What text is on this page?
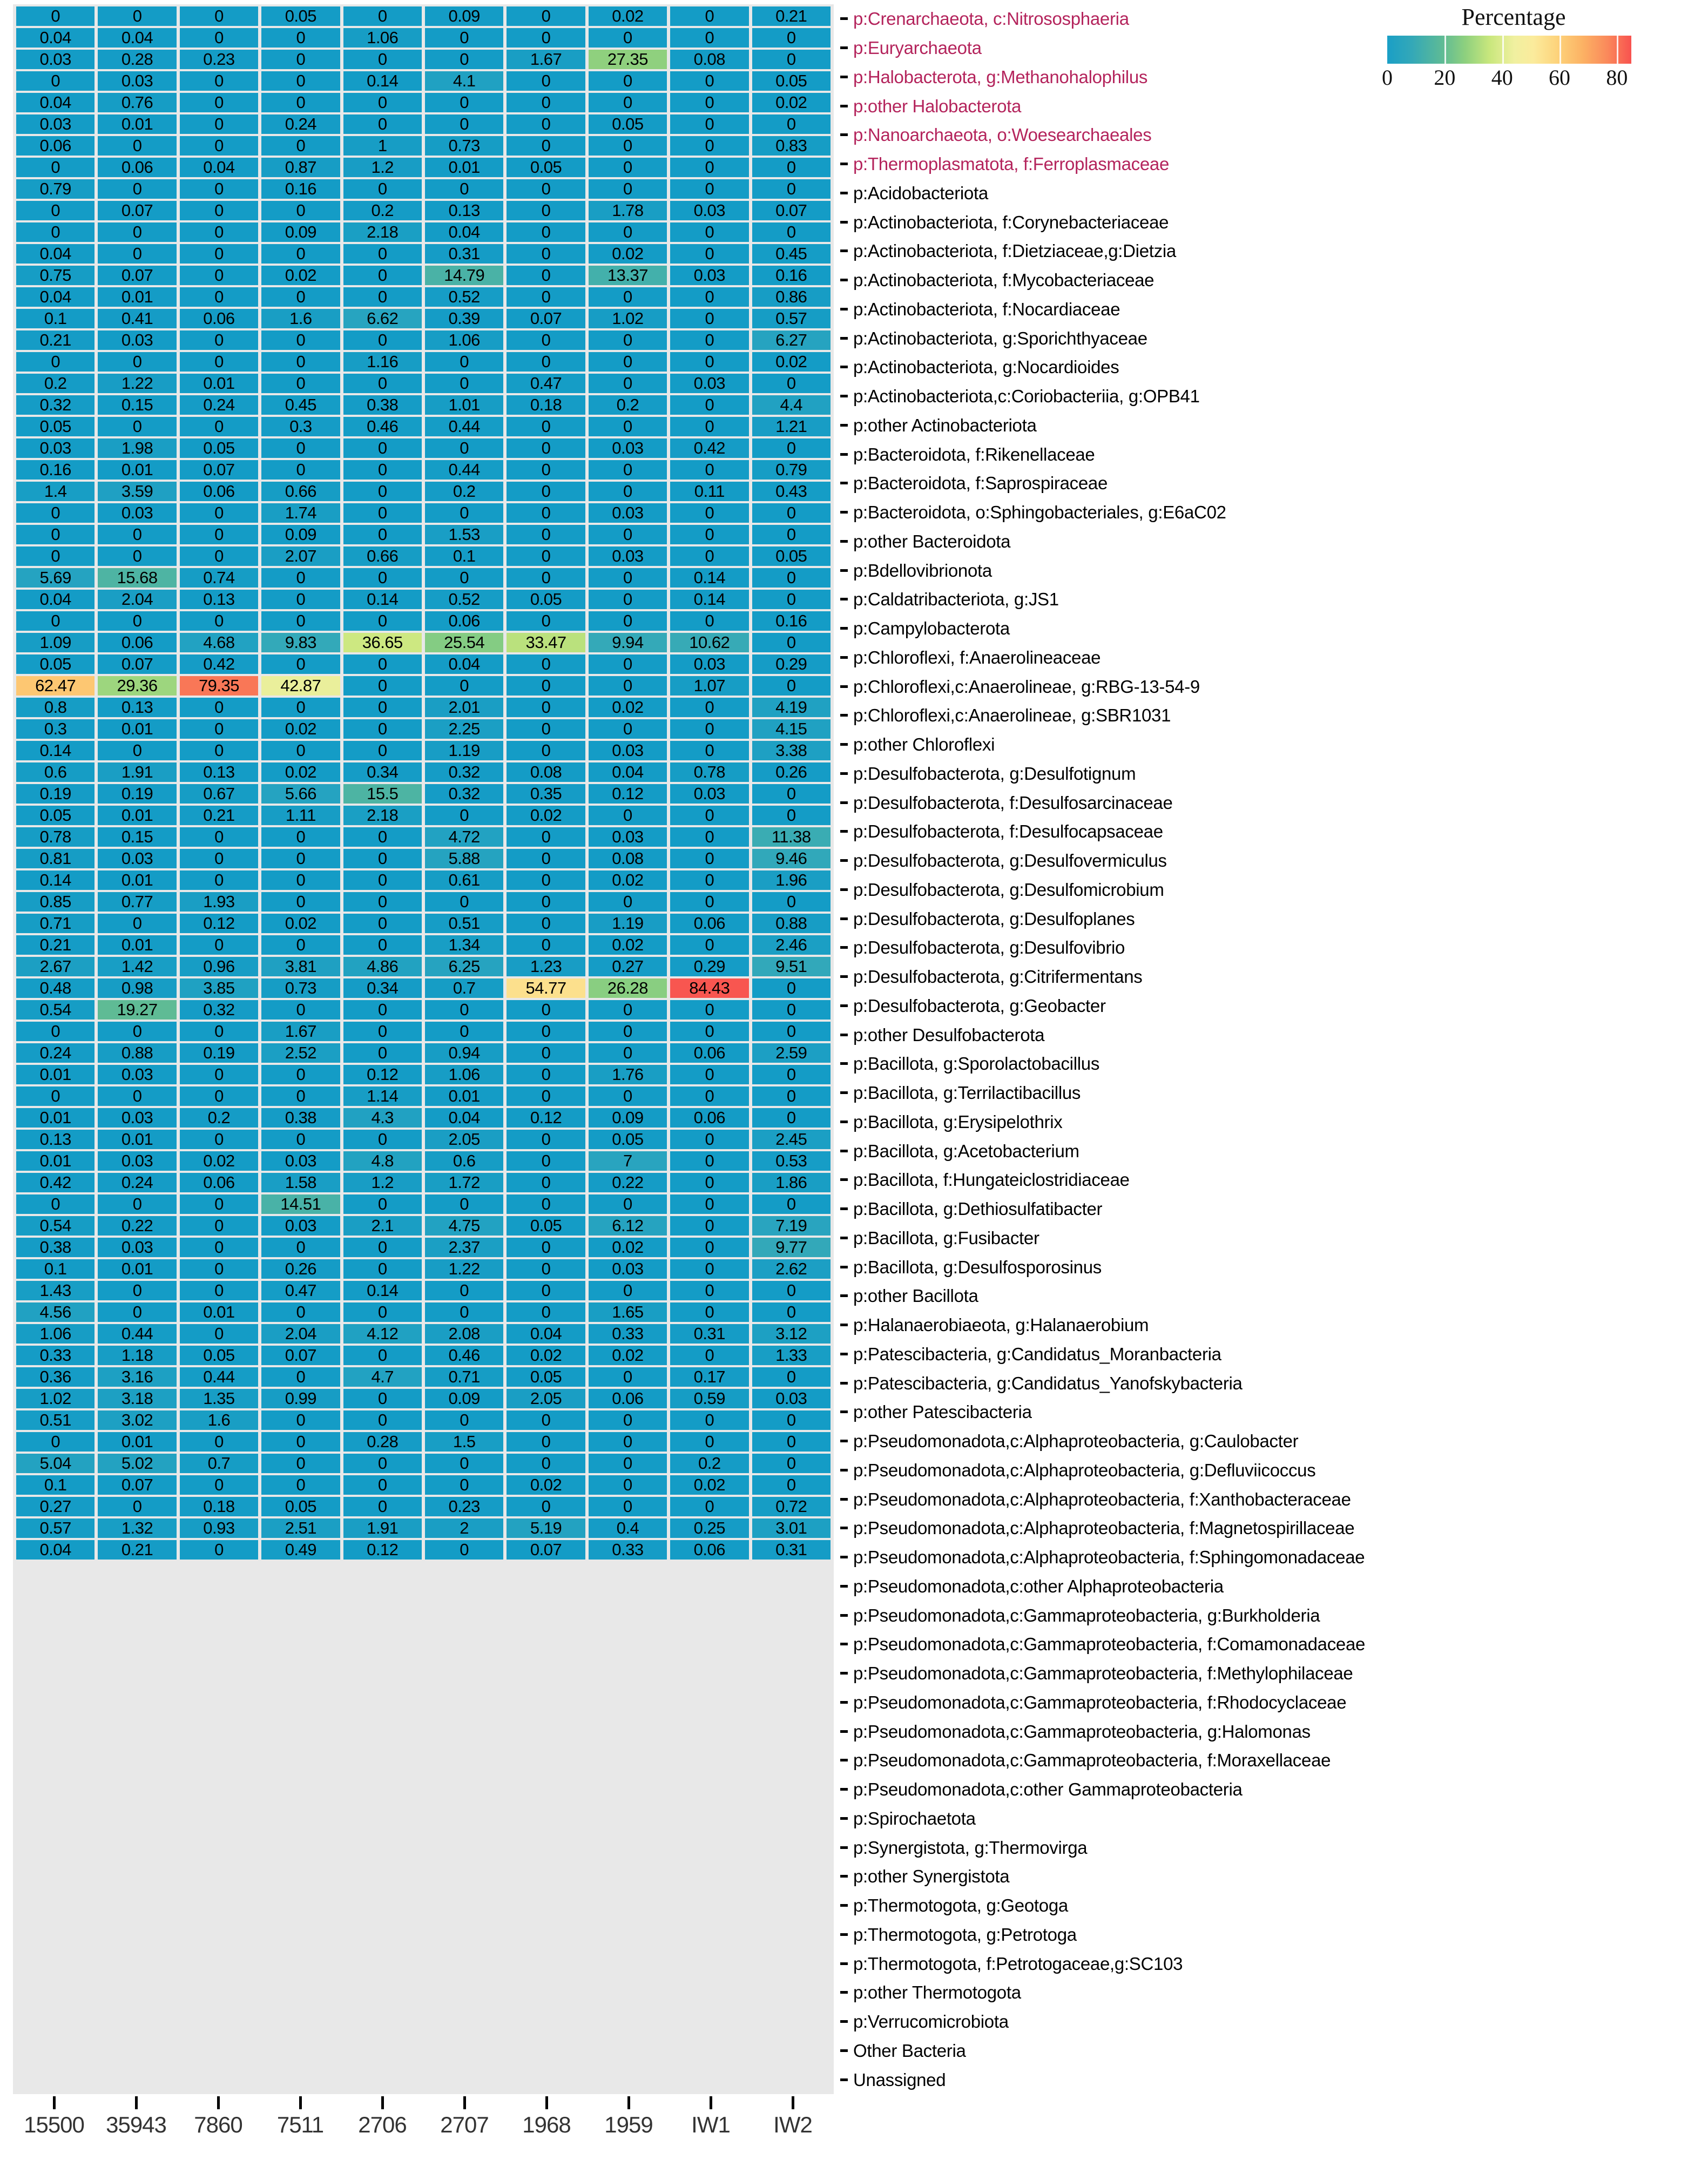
0	0	0	0.05	0	0.09	0	0.02	0	0.21
0.04	0.04	0	0	1.06	0	0	0	0	0
0.03	0.28	0.23	0	0	0	1.67	27.35	0.08	0
0	0.03	0	0	0.14	4.1	0	0	0	0.05
0.04	0.76	0	0	0	0	0	0	0	0.02
0.03	0.01	0	0.24	0	0	0	0.05	0	0
0.06	0	0	0	1	0.73	0	0	0	0.83
0	0.06	0.04	0.87	1.2	0.01	0.05	0	0	0
0.79	0	0	0.16	0	0	0	0	0	0
0	0.07	0	0	0.2	0.13	0	1.78	0.03	0.07
0	0	0	0.09	2.18	0.04	0	0	0	0
0.04	0	0	0	0	0.31	0	0.02	0	0.45
0.75	0.07	0	0.02	0	14.79	0	13.37	0.03	0.16
0.04	0.01	0	0	0	0.52	0	0	0	0.86
0.1	0.41	0.06	1.6	6.62	0.39	0.07	1.02	0	0.57
0.21	0.03	0	0	0	1.06	0	0	0	6.27
0	0	0	0	1.16	0	0	0	0	0.02
0.2	1.22	0.01	0	0	0	0.47	0	0.03	0
0.32	0.15	0.24	0.45	0.38	1.01	0.18	0.2	0	4.4
0.05	0	0	0.3	0.46	0.44	0	0	0	1.21
0.03	1.98	0.05	0	0	0	0	0.03	0.42	0
0.16	0.01	0.07	0	0	0.44	0	0	0	0.79
1.4	3.59	0.06	0.66	0	0.2	0	0	0.11	0.43
0	0.03	0	1.74	0	0	0	0.03	0	0
0	0	0	0.09	0	1.53	0	0	0	0
0	0	0	2.07	0.66	0.1	0	0.03	0	0.05
5.69	15.68	0.74	0	0	0	0	0	0.14	0
0.04	2.04	0.13	0	0.14	0.52	0.05	0	0.14	0
0	0	0	0	0	0.06	0	0	0	0.16
1.09	0.06	4.68	9.83	36.65	25.54	33.47	9.94	10.62	0
0.05	0.07	0.42	0	0	0.04	0	0	0.03	0.29
62.47	29.36	79.35	42.87	0	0	0	0	1.07	0
0.8	0.13	0	0	0	2.01	0	0.02	0	4.19
0.3	0.01	0	0.02	0	2.25	0	0	0	4.15
0.14	0	0	0	0	1.19	0	0.03	0	3.38
0.6	1.91	0.13	0.02	0.34	0.32	0.08	0.04	0.78	0.26
0.19	0.19	0.67	5.66	15.5	0.32	0.35	0.12	0.03	0
0.05	0.01	0.21	1.11	2.18	0	0.02	0	0	0
0.78	0.15	0	0	0	4.72	0	0.03	0	11.38
0.81	0.03	0	0	0	5.88	0	0.08	0	9.46
0.14	0.01	0	0	0	0.61	0	0.02	0	1.96
0.85	0.77	1.93	0	0	0	0	0	0	0
0.71	0	0.12	0.02	0	0.51	0	1.19	0.06	0.88
0.21	0.01	0	0	0	1.34	0	0.02	0	2.46
2.67	1.42	0.96	3.81	4.86	6.25	1.23	0.27	0.29	9.51
0.48	0.98	3.85	0.73	0.34	0.7	54.77	26.28	84.43	0
0.54	19.27	0.32	0	0	0	0	0	0	0
0	0	0	1.67	0	0	0	0	0	0
0.24	0.88	0.19	2.52	0	0.94	0	0	0.06	2.59
0.01	0.03	0	0	0.12	1.06	0	1.76	0	0
0	0	0	0	1.14	0.01	0	0	0	0
0.01	0.03	0.2	0.38	4.3	0.04	0.12	0.09	0.06	0
0.13	0.01	0	0	0	2.05	0	0.05	0	2.45
0.01	0.03	0.02	0.03	4.8	0.6	0	7	0	0.53
0.42	0.24	0.06	1.58	1.2	1.72	0	0.22	0	1.86
0	0	0	14.51	0	0	0	0	0	0
0.54	0.22	0	0.03	2.1	4.75	0.05	6.12	0	7.19
0.38	0.03	0	0	0	2.37	0	0.02	0	9.77
0.1	0.01	0	0.26	0	1.22	0	0.03	0	2.62
1.43	0	0	0.47	0.14	0	0	0	0	0
4.56	0	0.01	0	0	0	0	1.65	0	0
1.06	0.44	0	2.04	4.12	2.08	0.04	0.33	0.31	3.12
0.33	1.18	0.05	0.07	0	0.46	0.02	0.02	0	1.33
0.36	3.16	0.44	0	4.7	0.71	0.05	0	0.17	0
1.02	3.18	1.35	0.99	0	0.09	2.05	0.06	0.59	0.03
0.51	3.02	1.6	0	0	0	0	0	0	0
0	0.01	0	0	0.28	1.5	0	0	0	0
5.04	5.02	0.7	0	0	0	0	0	0.2	0
0.1	0.07	0	0	0	0	0.02	0	0.02	0
0.27	0	0.18	0.05	0	0.23	0	0	0	0.72
0.57	1.32	0.93	2.51	1.91	2	5.19	0.4	0.25	3.01
0.04	0.21	0	0.49	0.12	0	0.07	0.33	0.06	0.31
p:Crenarchaeota, c:Nitrososphaeria
p:Euryarchaeota
p:Halobacterota, g:Methanohalophilus
p:other Halobacterota
p:Nanoarchaeota, o:Woesearchaeales
p:Thermoplasmatota, f:Ferroplasmaceae
p:Acidobacteriota
p:Actinobacteriota, f:Corynebacteriaceae
p:Actinobacteriota, f:Dietziaceae,g:Dietzia
p:Actinobacteriota, f:Mycobacteriaceae
p:Actinobacteriota, f:Nocardiaceae
p:Actinobacteriota, g:Sporichthyaceae
p:Actinobacteriota, g:Nocardioides
p:Actinobacteriota,c:Coriobacteriia, g:OPB41
p:other Actinobacteriota
p:Bacteroidota, f:Rikenellaceae
p:Bacteroidota, f:Saprospiraceae
p:Bacteroidota, o:Sphingobacteriales, g:E6aC02
p:other Bacteroidota
p:Bdellovibrionota
p:Caldatribacteriota, g:JS1
p:Campylobacterota
p:Chloroflexi, f:Anaerolineaceae
p:Chloroflexi,c:Anaerolineae, g:RBG-13-54-9
p:Chloroflexi,c:Anaerolineae, g:SBR1031
p:other Chloroflexi
p:Desulfobacterota, g:Desulfotignum
p:Desulfobacterota, f:Desulfosarcinaceae
p:Desulfobacterota, f:Desulfocapsaceae
p:Desulfobacterota, g:Desulfovermiculus
p:Desulfobacterota, g:Desulfomicrobium
p:Desulfobacterota, g:Desulfoplanes
p:Desulfobacterota, g:Desulfovibrio
p:Desulfobacterota, g:Citrifermentans
p:Desulfobacterota, g:Geobacter
p:other Desulfobacterota
p:Bacillota, g:Sporolactobacillus
p:Bacillota, g:Terrilactibacillus
p:Bacillota, g:Erysipelothrix
p:Bacillota, g:Acetobacterium
p:Bacillota, f:Hungateiclostridiaceae
p:Bacillota, g:Dethiosulfatibacter
p:Bacillota, g:Fusibacter
p:Bacillota, g:Desulfosporosinus
p:other Bacillota
p:Halanaerobiaeota, g:Halanaerobium
p:Patescibacteria, g:Candidatus_Moranbacteria
p:Patescibacteria, g:Candidatus_Yanofskybacteria
p:other Patescibacteria
p:Pseudomonadota,c:Alphaproteobacteria, g:Caulobacter
p:Pseudomonadota,c:Alphaproteobacteria, g:Defluviicoccus
p:Pseudomonadota,c:Alphaproteobacteria, f:Xanthobacteraceae
p:Pseudomonadota,c:Alphaproteobacteria, f:Magnetospirillaceae
p:Pseudomonadota,c:Alphaproteobacteria, f:Sphingomonadaceae
p:Pseudomonadota,c:other Alphaproteobacteria
p:Pseudomonadota,c:Gammaproteobacteria, g:Burkholderia
p:Pseudomonadota,c:Gammaproteobacteria, f:Comamonadaceae
p:Pseudomonadota,c:Gammaproteobacteria, f:Methylophilaceae
p:Pseudomonadota,c:Gammaproteobacteria, f:Rhodocyclaceae
p:Pseudomonadota,c:Gammaproteobacteria, g:Halomonas
p:Pseudomonadota,c:Gammaproteobacteria, f:Moraxellaceae
p:Pseudomonadota,c:other Gammaproteobacteria
p:Spirochaetota
p:Synergistota, g:Thermovirga
p:other Synergistota
p:Thermotogota, g:Geotoga
p:Thermotogota, g:Petrotoga
p:Thermotogota, f:Petrotogaceae,g:SC103
p:other Thermotogota
p:Verrucomicrobiota
Other Bacteria
Unassigned
15500 35943 7860 7511 2706 2707 1968 1959 IW1 IW2
Percentage
0 20 40 60 80
